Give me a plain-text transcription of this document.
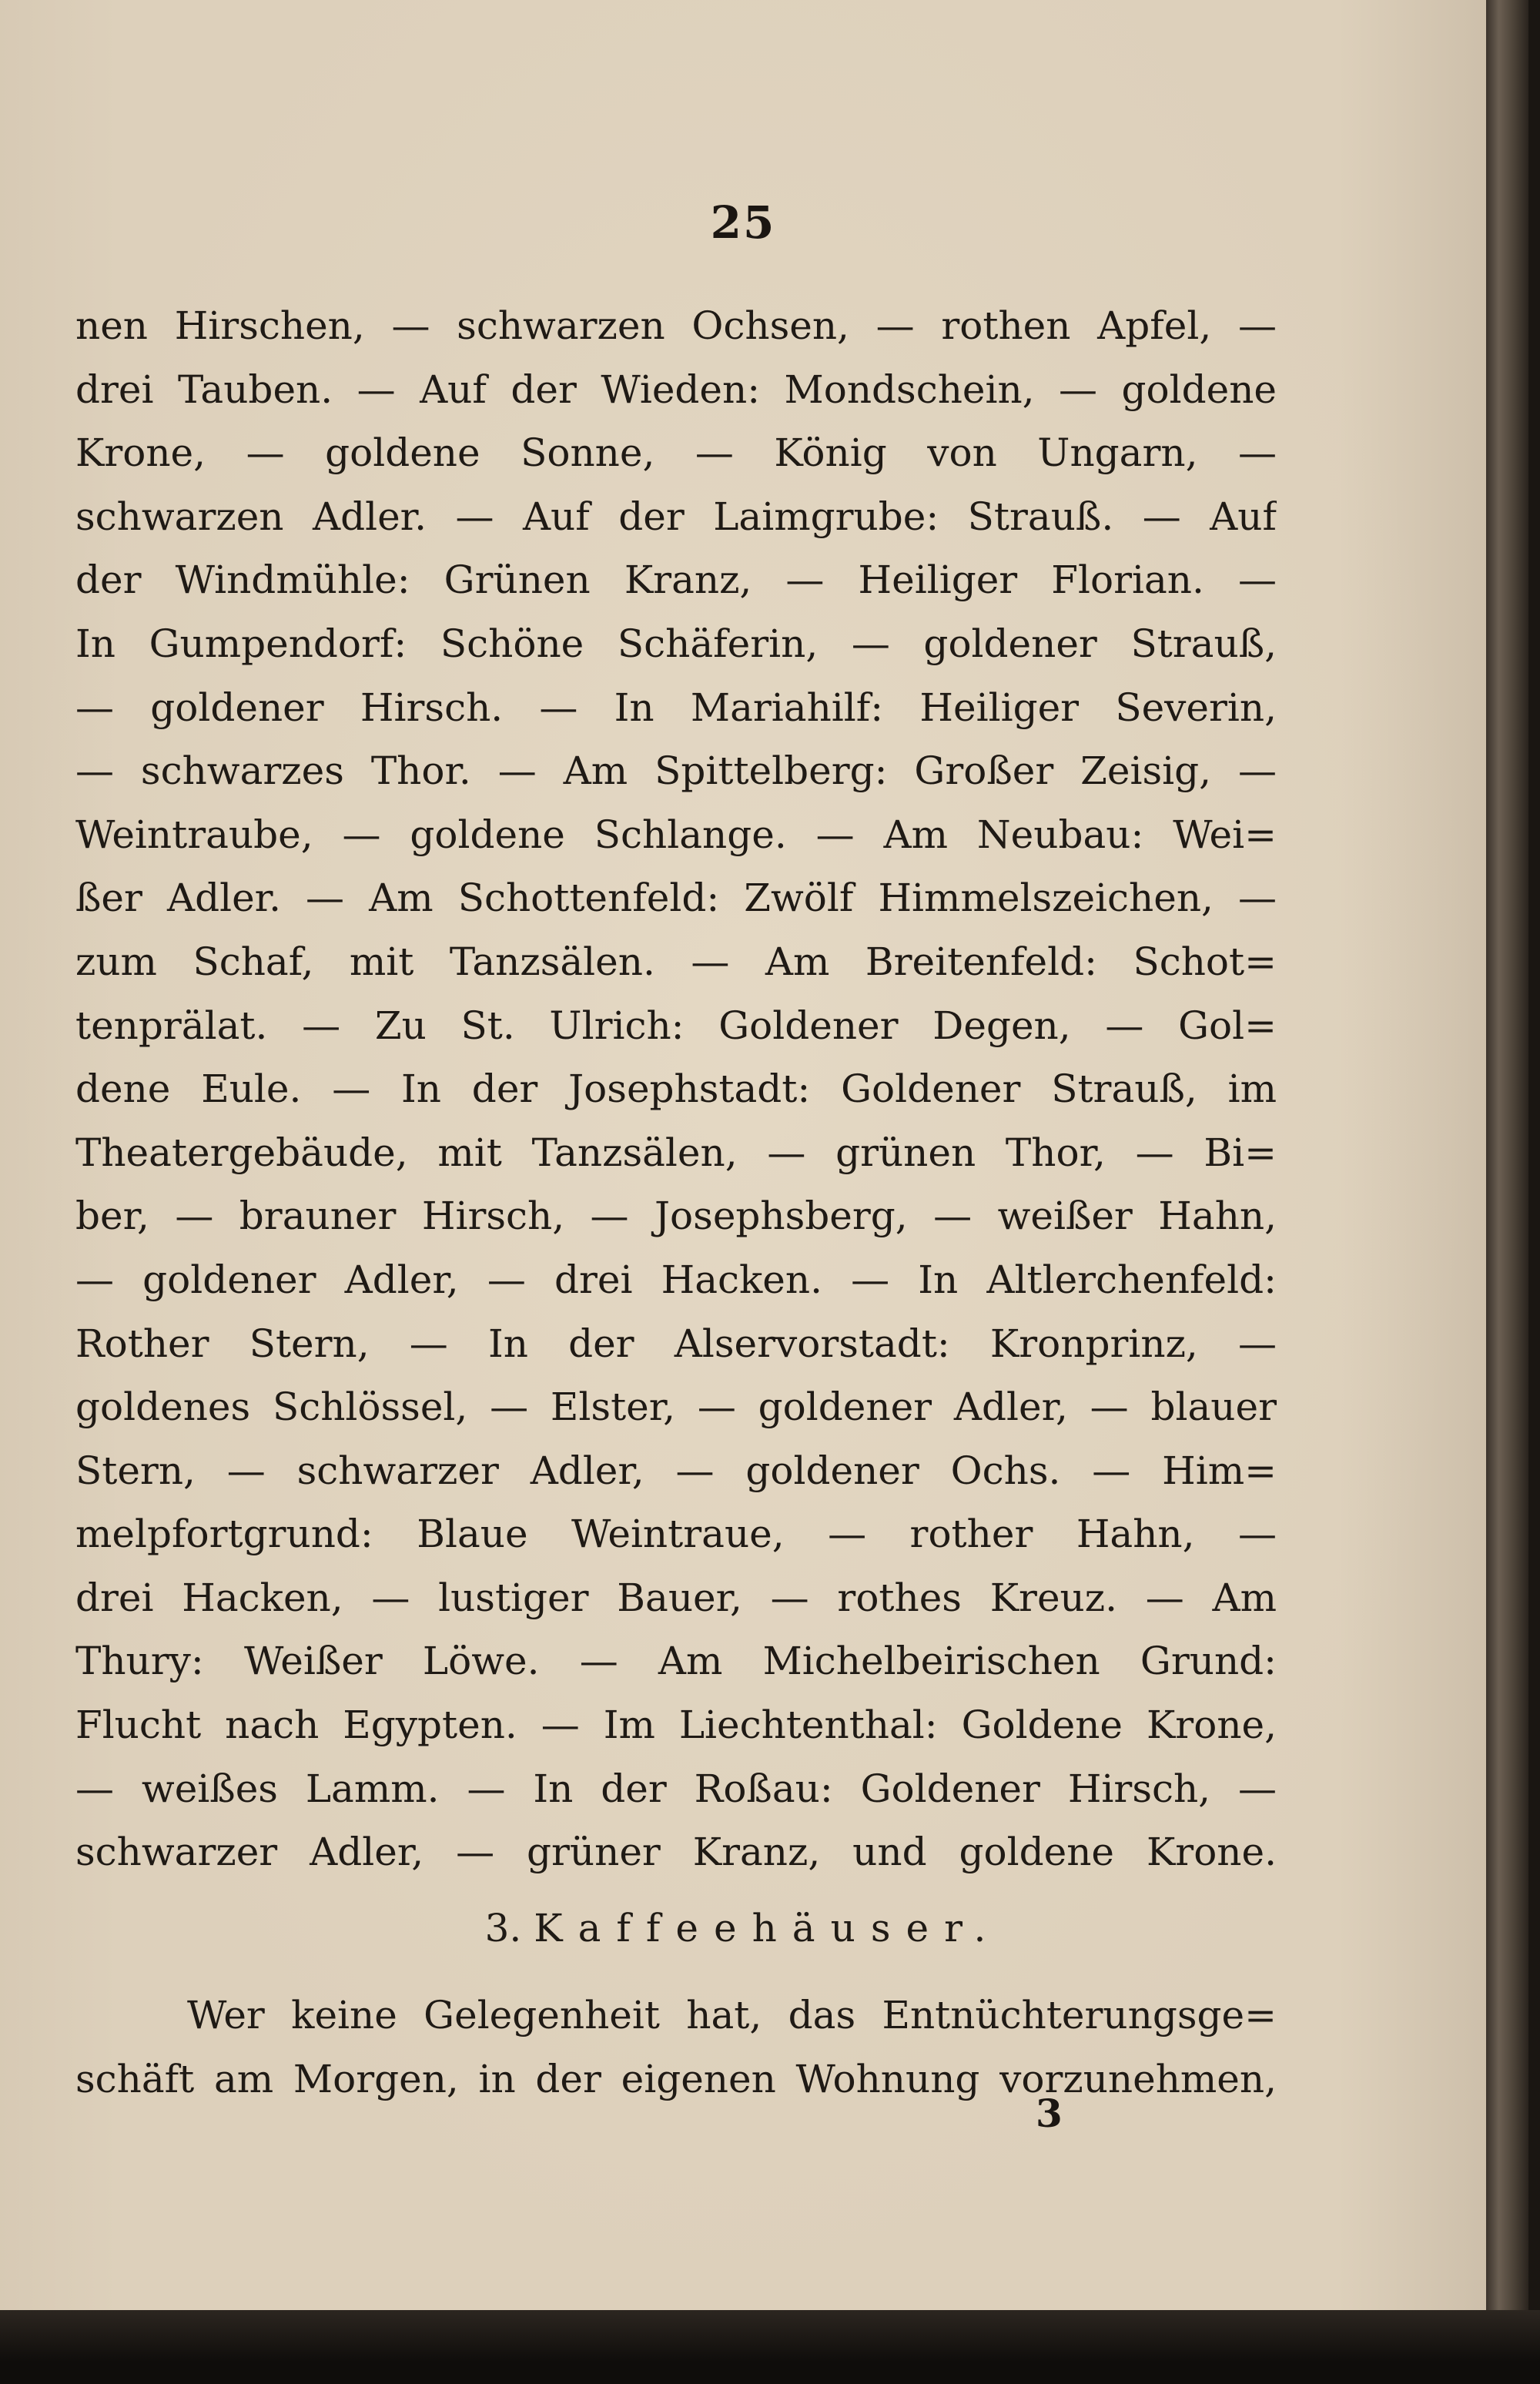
25
nen Hirschen, — schwarzen Ochsen, — rothen Apfel, —
drei Tauben. — Auf der Wieden: Mondschein, — goldene
Krone, — goldene Sonne, — König von Ungarn, —
schwarzen Adler. — Auf der Laimgrube: Strauß. — Auf
der Windmühle: Grünen Kranz, — Heiliger Florian. —
In Gumpendorf: Schöne Schäferin, — goldener Strauß,
— goldener Hirsch. — In Mariahilf: Heiliger Severin,
— schwarzes Thor. — Am Spittelberg: Großer Zeisig, —
Weintraube, — goldene Schlange. — Am Neubau: Wei=
ßer Adler. — Am Schottenfeld: Zwölf Himmelszeichen, —
zum Schaf, mit Tanzsälen. — Am Breitenfeld: Schot=
tenprälat. — Zu St. Ulrich: Goldener Degen, — Gol=
dene Eule. — In der Josephstadt: Goldener Strauß, im
Theatergebäude, mit Tanzsälen, — grünen Thor, — Bi=
ber, — brauner Hirsch, — Josephsberg, — weißer Hahn,
— goldener Adler, — drei Hacken. — In Altlerchenfeld:
Rother Stern, — In der Alservorstadt: Kronprinz, —
goldenes Schlössel, — Elster, — goldener Adler, — blauer
Stern, — schwarzer Adler, — goldener Ochs. — Him=
melpfortgrund: Blaue Weintraue, — rother Hahn, —
drei Hacken, — lustiger Bauer, — rothes Kreuz. — Am
Thury: Weißer Löwe. — Am Michelbeirischen Grund:
Flucht nach Egypten. — Im Liechtenthal: Goldene Krone,
— weißes Lamm. — In der Roßau: Goldener Hirsch, —
schwarzer Adler, — grüner Kranz, und goldene Krone.
3. Kaffeehäuser.
Wer keine Gelegenheit hat, das Entnüchterungsge=
schäft am Morgen, in der eigenen Wohnung vorzunehmen,
3
